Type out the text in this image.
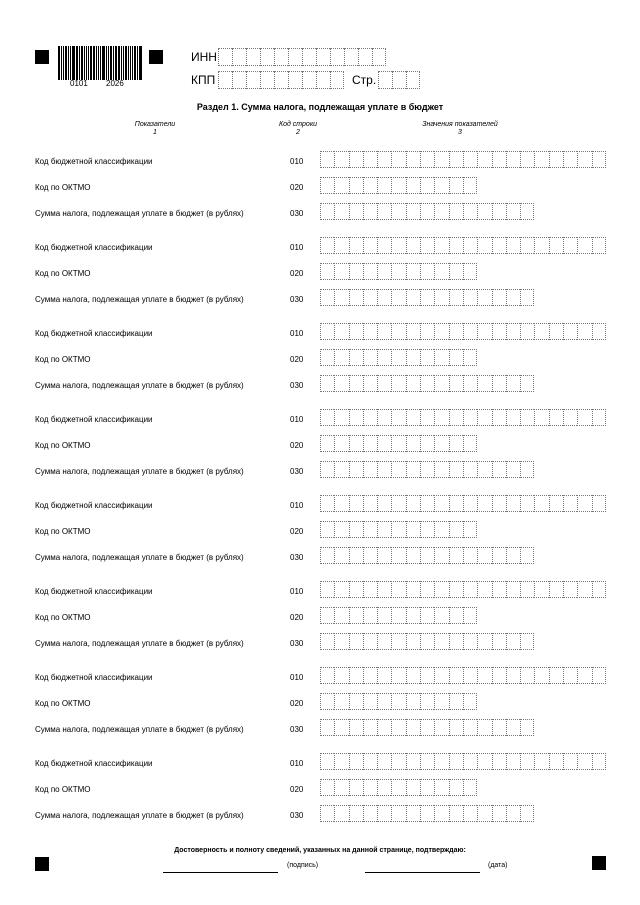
0101 2026
ИНН
КПП	Стр.
Раздел 1. Сумма налога, подлежащая уплате в бюджет
Показатели
1
Код строки
2
Значения показателей
3
Код бюджетной классификации	010
Код по ОКТМО	020
Сумма налога, подлежащая уплате в бюджет (в рублях)	030
Код бюджетной классификации	010
Код по ОКТМО	020
Сумма налога, подлежащая уплате в бюджет (в рублях)	030
Код бюджетной классификации	010
Код по ОКТМО	020
Сумма налога, подлежащая уплате в бюджет (в рублях)	030
Код бюджетной классификации	010
Код по ОКТМО	020
Сумма налога, подлежащая уплате в бюджет (в рублях)	030
Код бюджетной классификации	010
Код по ОКТМО	020
Сумма налога, подлежащая уплате в бюджет (в рублях)	030
Код бюджетной классификации	010
Код по ОКТМО	020
Сумма налога, подлежащая уплате в бюджет (в рублях)	030
Код бюджетной классификации	010
Код по ОКТМО	020
Сумма налога, подлежащая уплате в бюджет (в рублях)	030
Код бюджетной классификации	010
Код по ОКТМО	020
Сумма налога, подлежащая уплате в бюджет (в рублях)	030
Достоверность и полноту сведений, указанных на данной странице, подтверждаю:
(подпись)	(дата)
